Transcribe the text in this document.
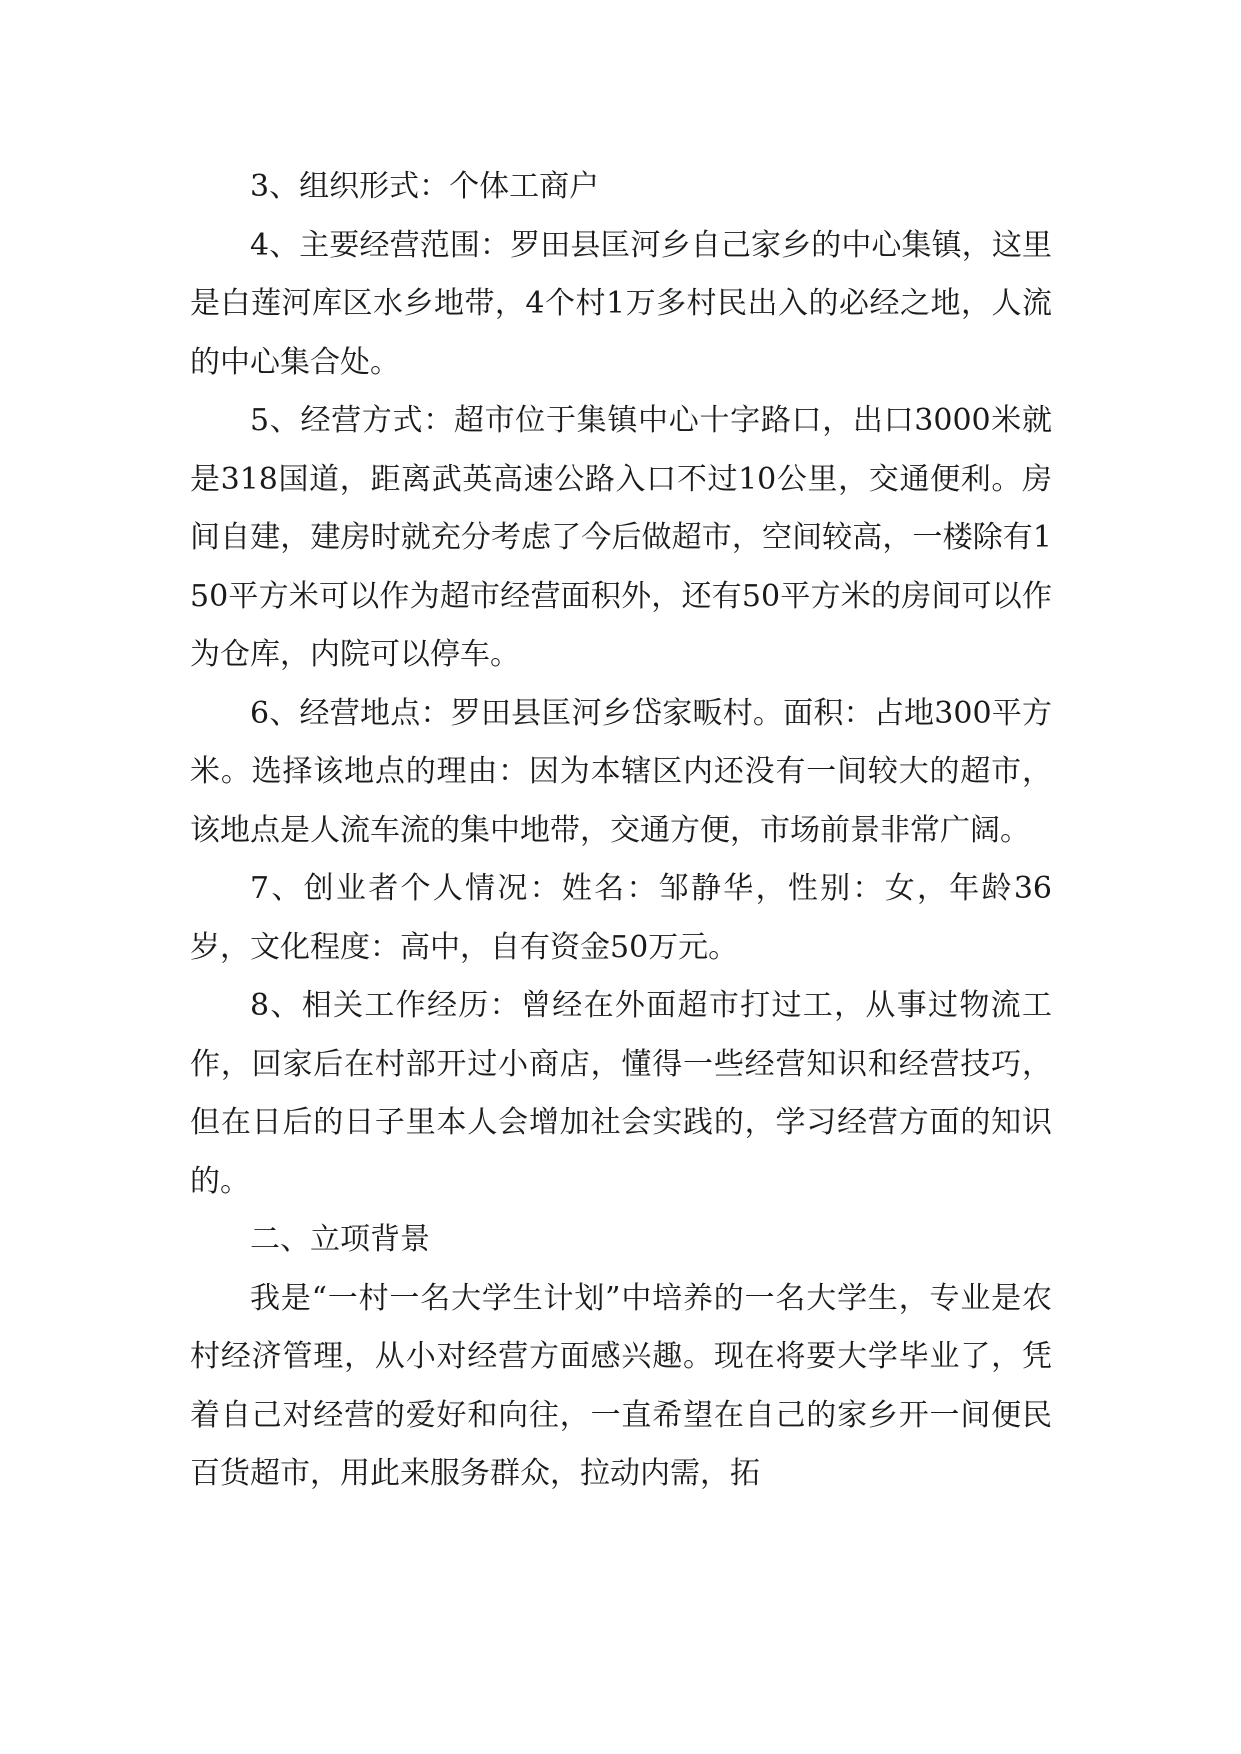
3、组织形式：个体工商户

4、主要经营范围：罗田县匡河乡自己家乡的中心集镇，这里是白莲河库区水乡地带，4个村1万多村民出入的必经之地，人流的中心集合处。

5、经营方式：超市位于集镇中心十字路口，出口3000米就是318国道，距离武英高速公路入口不过10公里，交通便利。房间自建，建房时就充分考虑了今后做超市，空间较高，一楼除有150平方米可以作为超市经营面积外，还有50平方米的房间可以作为仓库，内院可以停车。

6、经营地点：罗田县匡河乡岱家畈村。面积：占地300平方米。选择该地点的理由：因为本辖区内还没有一间较大的超市，该地点是人流车流的集中地带，交通方便，市场前景非常广阔。

7、创业者个人情况：姓名：邹静华，性别：女，年龄36岁，文化程度：高中，自有资金50万元。

8、相关工作经历：曾经在外面超市打过工，从事过物流工作，回家后在村部开过小商店，懂得一些经营知识和经营技巧，但在日后的日子里本人会增加社会实践的，学习经营方面的知识的。

二、立项背景

我是“一村一名大学生计划”中培养的一名大学生，专业是农村经济管理，从小对经营方面感兴趣。现在将要大学毕业了，凭着自己对经营的爱好和向往，一直希望在自己的家乡开一间便民百货超市，用此来服务群众，拉动内需，拓
